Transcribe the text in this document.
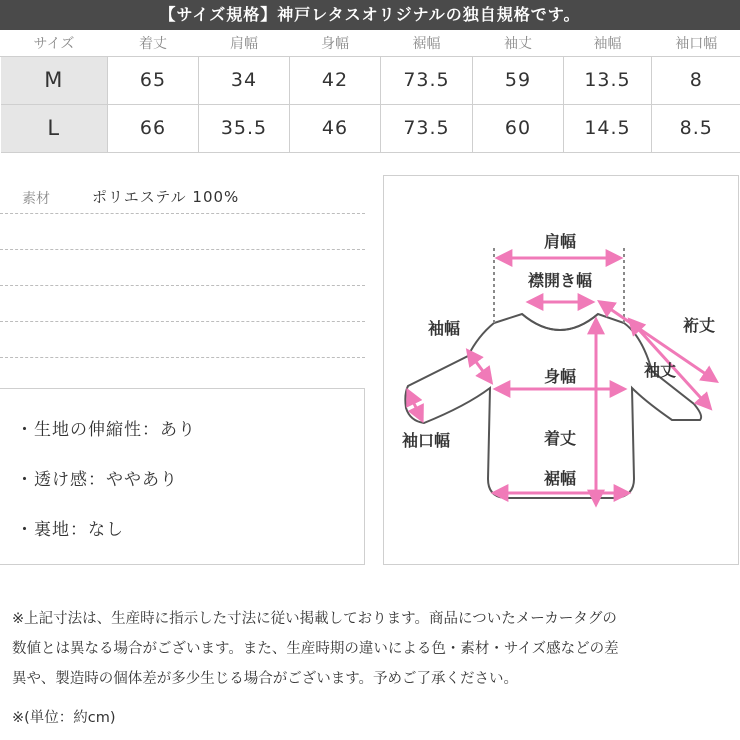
【サイズ規格】神戸レタスオリジナルの独自規格です。
サイズ	着丈	肩幅	身幅	裾幅	袖丈	袖幅	袖口幅
M	65	34	42	73.5	59	13.5	8
L	66	35.5	46	73.5	60	14.5	8.5
素材	ポリエステル 100%
・生地の伸縮性：あり
・透け感：ややあり
・裏地：なし
肩幅
襟開き幅
裄丈
袖丈
袖幅
袖口幅
身幅
着丈
裾幅
※上記寸法は、生産時に指示した寸法に従い掲載しております。商品についたメーカータグの
数値とは異なる場合がございます。また、生産時期の違いによる色・素材・サイズ感などの差
異や、製造時の個体差が多少生じる場合がございます。予めご了承ください。
※(単位：約cm)
